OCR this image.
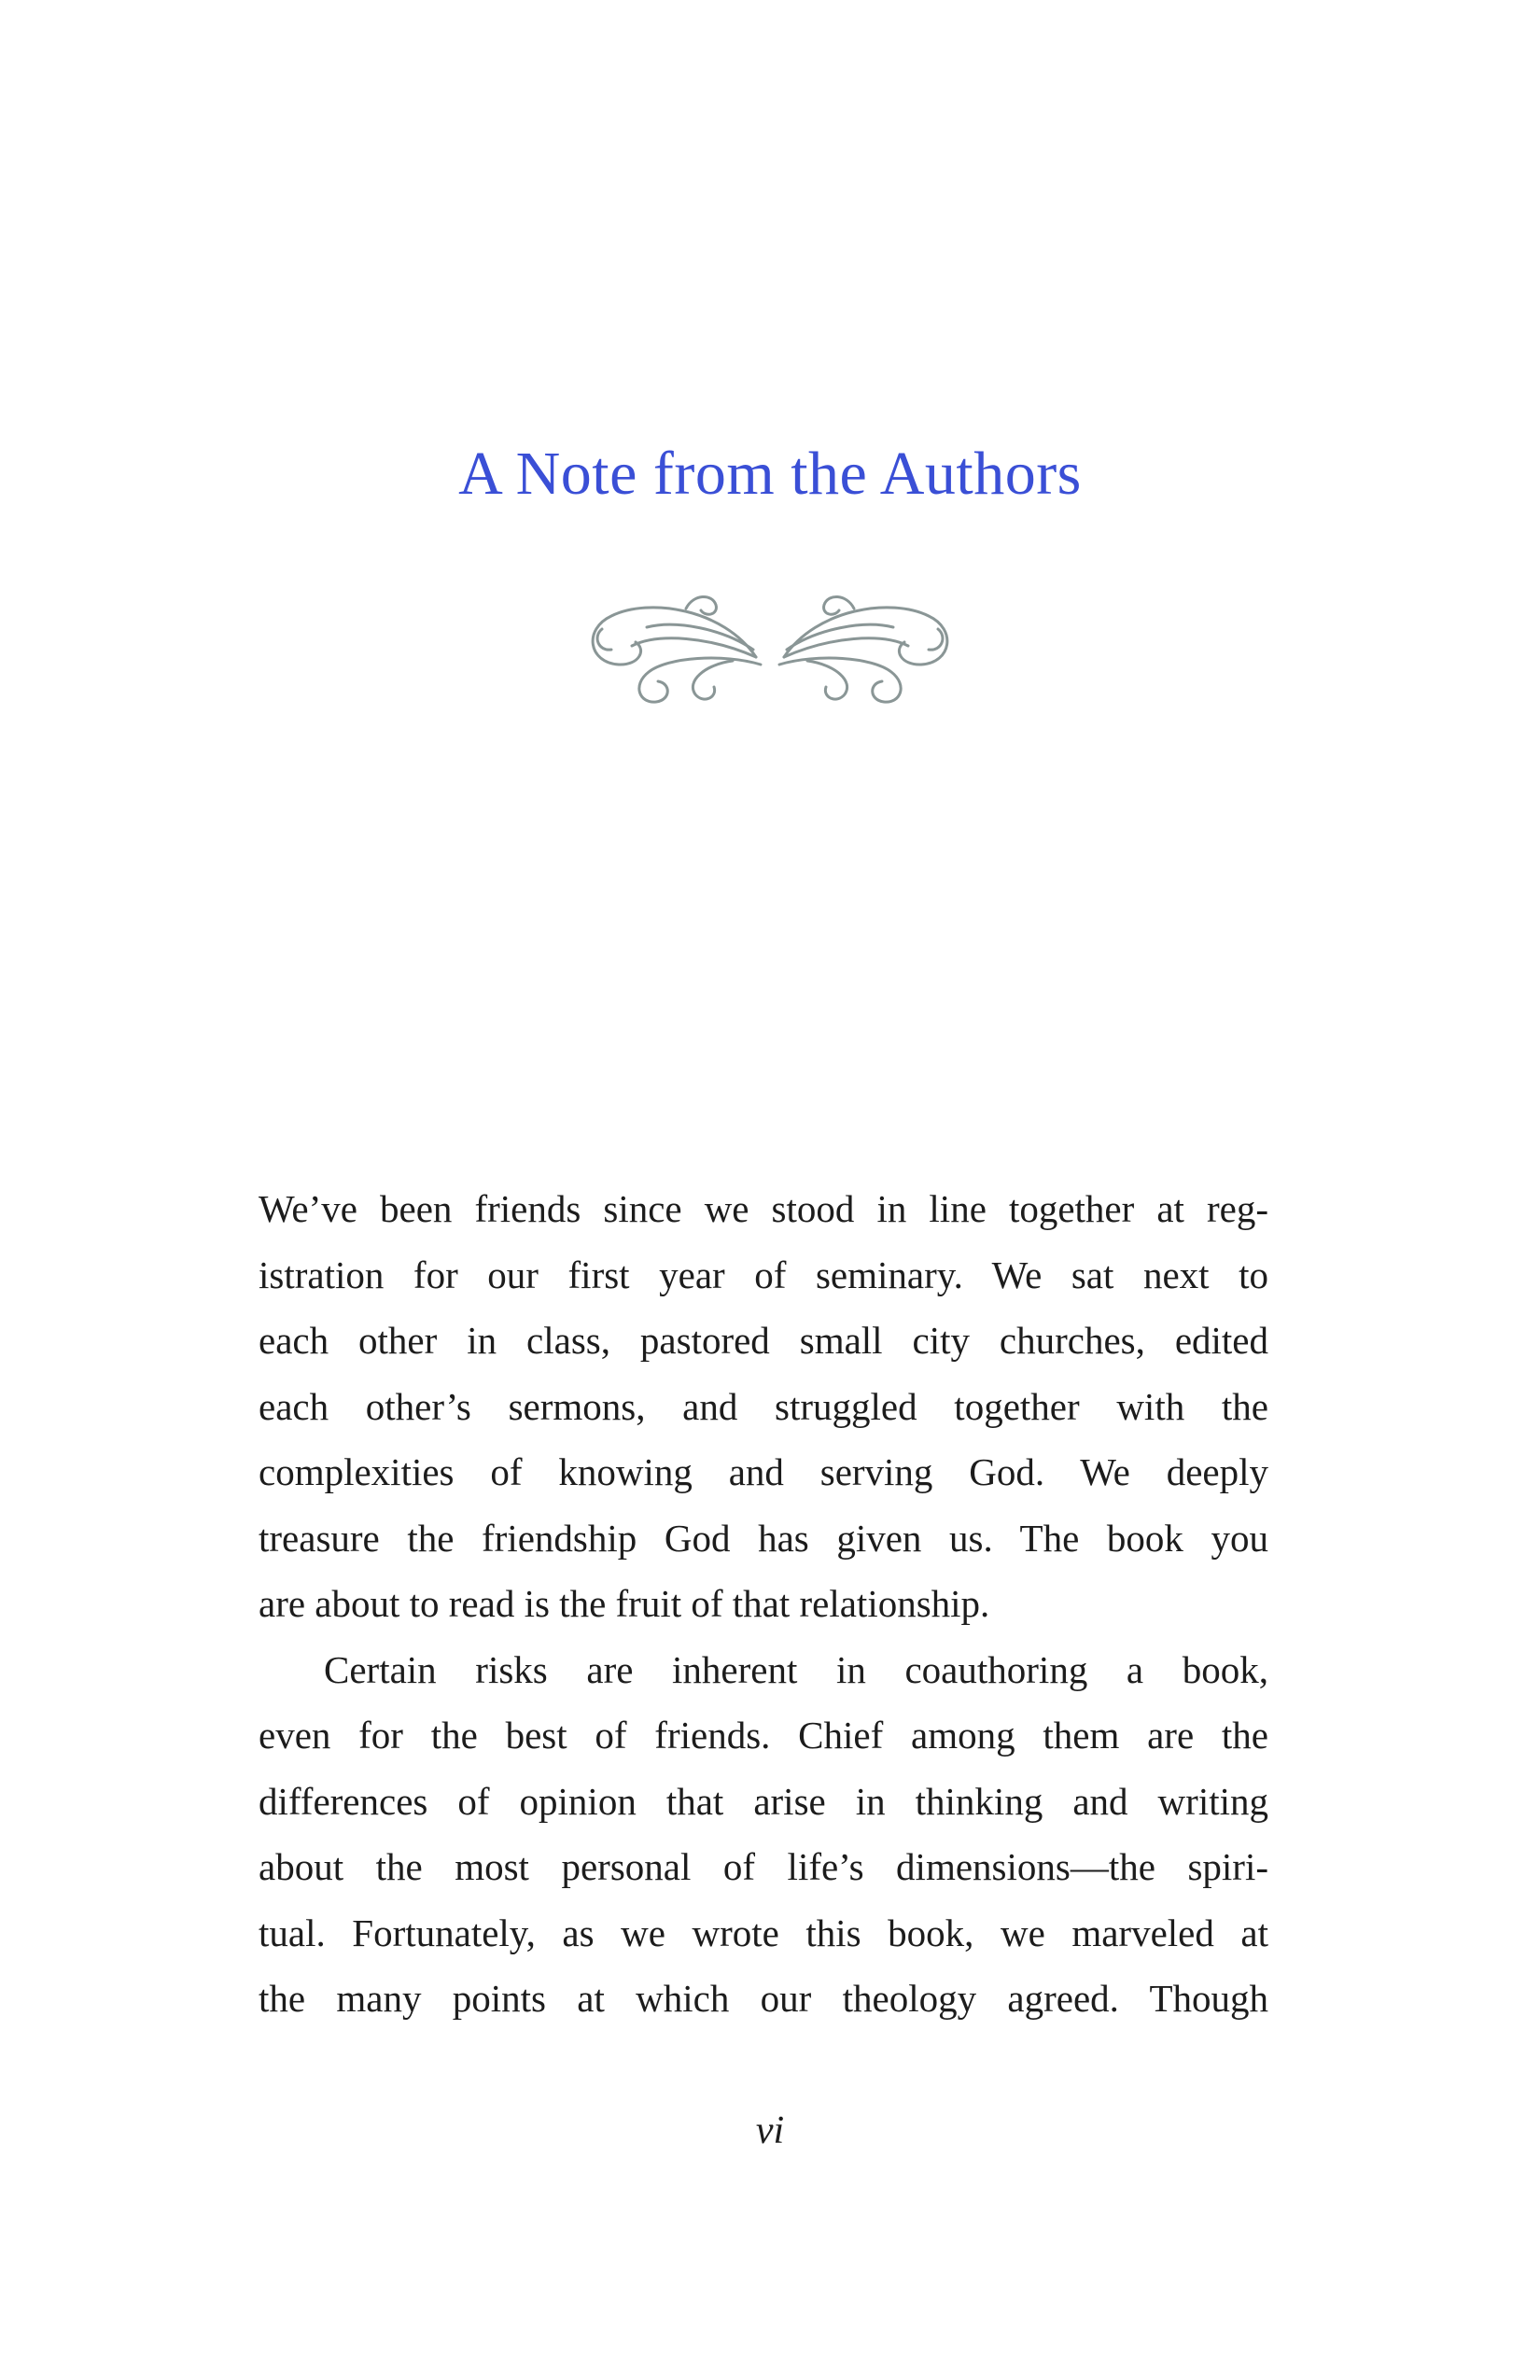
A Note from the Authors

We’ve been friends since we stood in line together at reg-
istration for our first year of seminary. We sat next to
each other in class, pastored small city churches, edited
each other’s sermons, and struggled together with the
complexities of knowing and serving God. We deeply
treasure the friendship God has given us. The book you
are about to read is the fruit of that relationship.

Certain risks are inherent in coauthoring a book,
even for the best of friends. Chief among them are the
differences of opinion that arise in thinking and writing
about the most personal of life’s dimensions—the spiri-
tual. Fortunately, as we wrote this book, we marveled at
the many points at which our theology agreed. Though

vi
